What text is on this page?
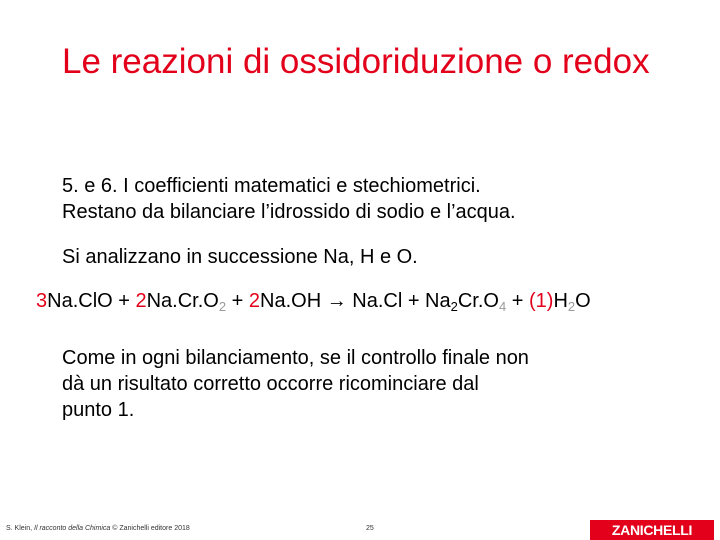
Le reazioni di ossidoriduzione o redox
5. e 6. I coefficienti matematici e stechiometrici.
Restano da bilanciare l’idrossido di sodio e l’acqua.
Si analizzano in successione Na, H e O.
$3Na.ClO + 2Na.Cr.O_2 + 2Na.OH \to Na.Cl + Na_2Cr.O_4 + (1)H_2O$
Come in ogni bilanciamento, se il controllo finale non
dà un risultato corretto occorre ricominciare dal
punto 1.
S. Klein, Il racconto della Chimica © Zanichelli editore 2018	25	ZANICHELLI
